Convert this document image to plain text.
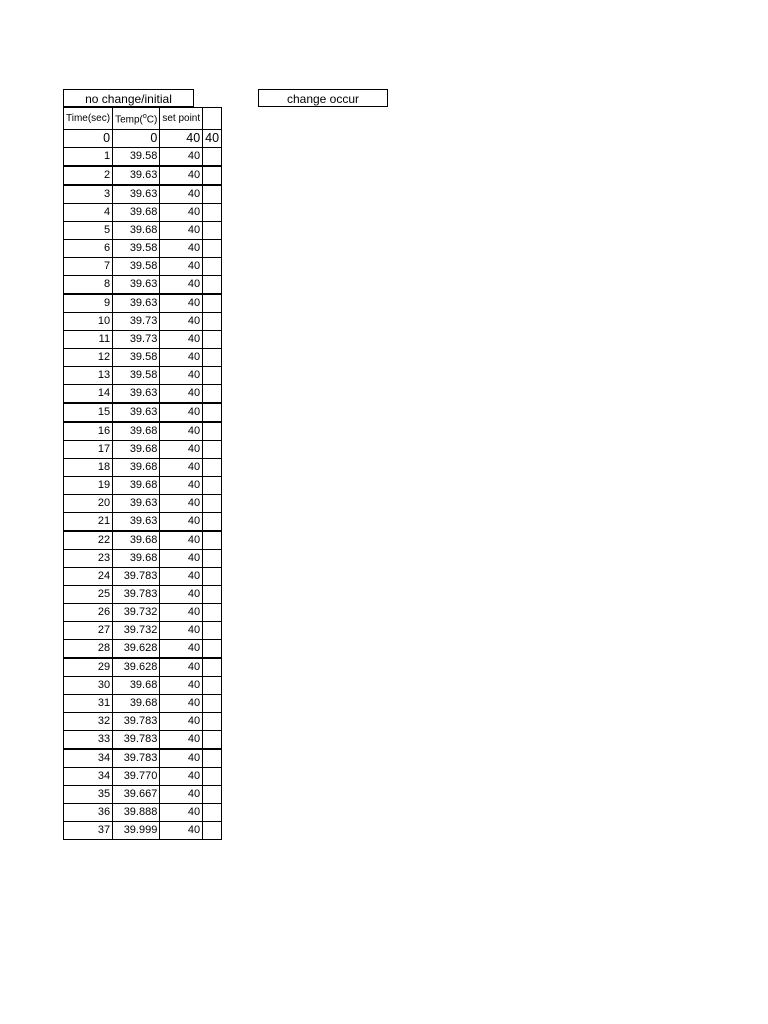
no change/initial	change occur
Time(sec)	Temp($^o$C)	set point	
0	0	40	40
1	39.58	40	
2	39.63	40	
3	39.63	40	
4	39.68	40	
5	39.68	40	
6	39.58	40	
7	39.58	40	
8	39.63	40	
9	39.63	40	
10	39.73	40	
11	39.73	40	
12	39.58	40	
13	39.58	40	
14	39.63	40	
15	39.63	40	
16	39.68	40	
17	39.68	40	
18	39.68	40	
19	39.68	40	
20	39.63	40	
21	39.63	40	
22	39.68	40	
23	39.68	40	
24	39.783	40	
25	39.783	40	
26	39.732	40	
27	39.732	40	
28	39.628	40	
29	39.628	40	
30	39.68	40	
31	39.68	40	
32	39.783	40	
33	39.783	40	
34	39.783	40	
34	39.770	40	
35	39.667	40	
36	39.888	40	
37	39.999	40	
